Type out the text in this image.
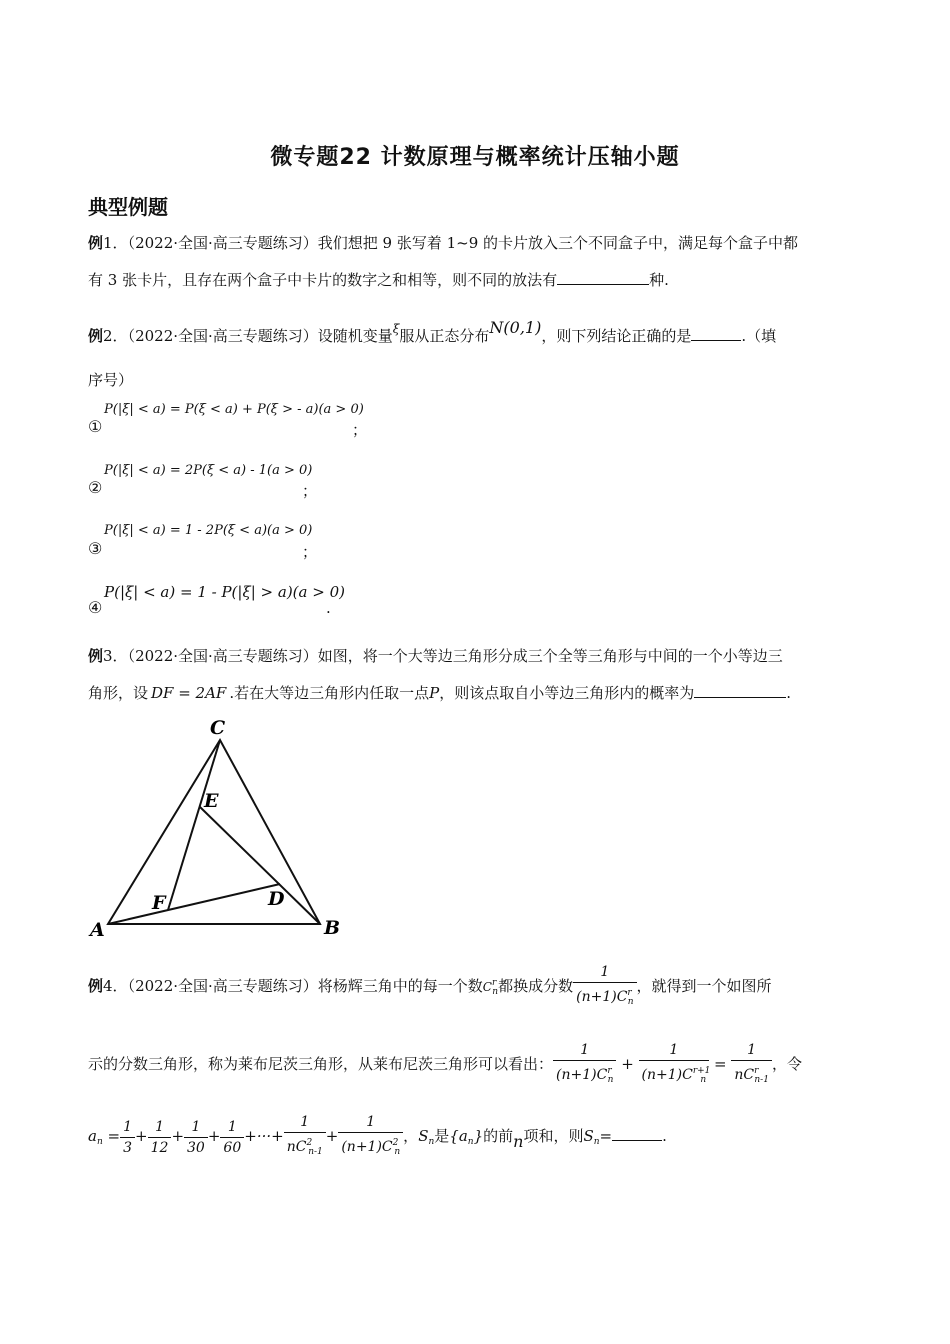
微专题22 计数原理与概率统计压轴小题
典型例题
例1．（2022·全国·高三专题练习）我们想把 9 张写着 1~9 的卡片放入三个不同盒子中，满足每个盒子中都
有 3 张卡片，且存在两个盒子中卡片的数字之和相等，则不同的放法有	种.
例2．（2022·全国·高三专题练习）设随机变量$^\xi$服从正态分布N(0,1)，则下列结论正确的是	.（填
序号）
①
P(|ξ| < a) = P(ξ < a) + P(ξ > - a)(a > 0)
；
②
P(|ξ| < a) = 2P(ξ < a) - 1(a > 0)
；
③
P(|ξ| < a) = 1 - 2P(ξ < a)(a > 0)
；
④
P(|ξ| < a) = 1 - P(|ξ| > a)(a > 0)
.
例3．（2022·全国·高三专题练习）如图，将一个大等边三角形分成三个全等三角形与中间的一个小等边三
角形，设 DF = 2AF .若在大等边三角形内任取一点P，则该点取自小等边三角形内的概率为	.
C
E
D
F
A	B
例4．（2022·全国·高三专题练习）将杨辉三角中的每一个数$C^r_n$都换成分数 $\frac{1}{(n+1)C^r_n}$ ，就得到一个如图所
示的分数三角形，称为莱布尼茨三角形，从莱布尼茨三角形可以看出： $\frac{1}{(n+1)C^r_n} + \frac{1}{(n+1)C^{r+1}_n} = \frac{1}{nC^r_{n-1}}$ ，令
$a_n = \frac{1}{3} + \frac{1}{12} + \frac{1}{30} + \frac{1}{60}$ +···+ $\frac{1}{nC^2_{n-1}} + \frac{1}{(n+1)C^2_n}$ ，$S_n$是$\{a_n\}$的前n项和，则$S_n=$	.
